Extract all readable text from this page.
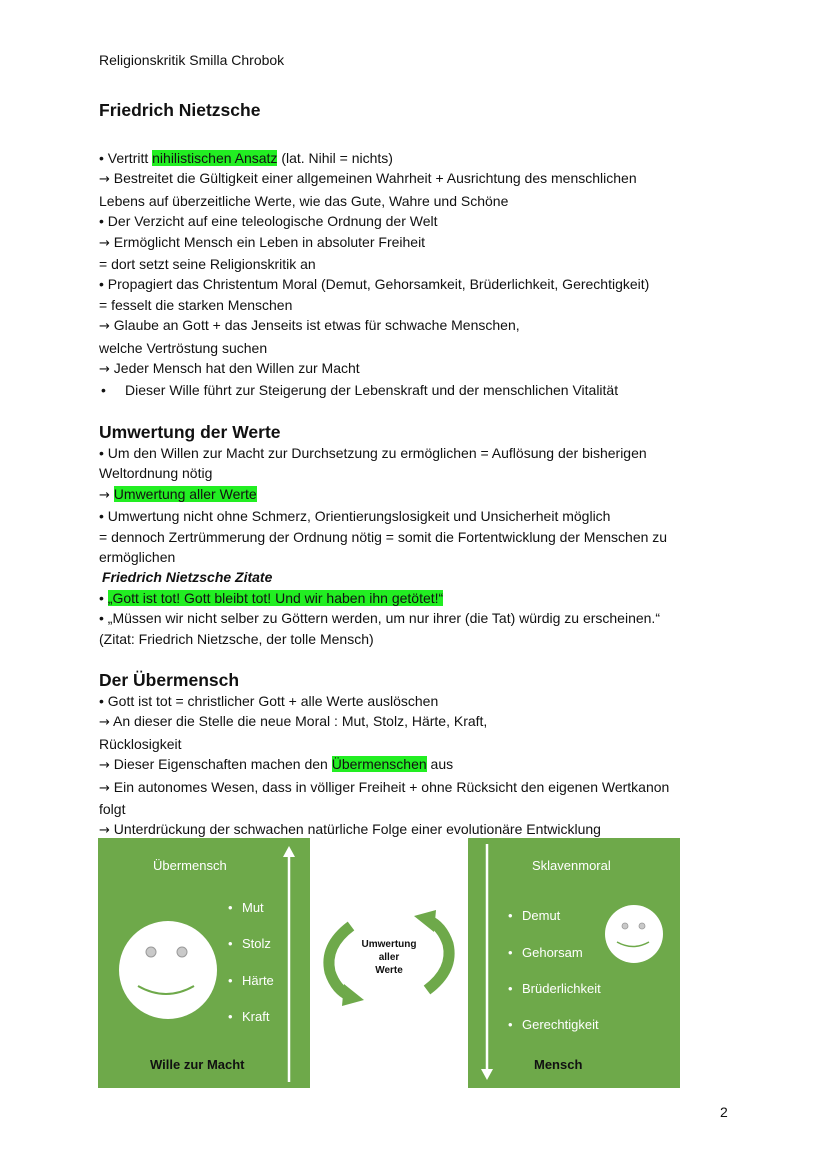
Religionskritik Smilla Chrobok
Friedrich Nietzsche
• Vertritt nihilistischen Ansatz (lat. Nihil = nichts)
→ Bestreitet die Gültigkeit einer allgemeinen Wahrheit + Ausrichtung des menschlichen
Lebens auf überzeitliche Werte, wie das Gute, Wahre und Schöne
• Der Verzicht auf eine teleologische Ordnung der Welt
→ Ermöglicht Mensch ein Leben in absoluter Freiheit
= dort setzt seine Religionskritik an
• Propagiert das Christentum Moral (Demut, Gehorsamkeit, Brüderlichkeit, Gerechtigkeit)
= fesselt die starken Menschen
→ Glaube an Gott + das Jenseits ist etwas für schwache Menschen,
welche Vertröstung suchen
→ Jeder Mensch hat den Willen zur Macht
• Dieser Wille führt zur Steigerung der Lebenskraft und der menschlichen Vitalität
Umwertung der Werte
• Um den Willen zur Macht zur Durchsetzung zu ermöglichen = Auflösung der bisherigen
Weltordnung nötig
→ Umwertung aller Werte
• Umwertung nicht ohne Schmerz, Orientierungslosigkeit und Unsicherheit möglich
= dennoch Zertrümmerung der Ordnung nötig = somit die Fortentwicklung der Menschen zu
ermöglichen
Friedrich Nietzsche Zitate
• „Gott ist tot! Gott bleibt tot! Und wir haben ihn getötet!“
• „Müssen wir nicht selber zu Göttern werden, um nur ihrer (die Tat) würdig zu erscheinen.“
(Zitat: Friedrich Nietzsche, der tolle Mensch)
Der Übermensch
• Gott ist tot = christlicher Gott + alle Werte auslöschen
→ An dieser die Stelle die neue Moral : Mut, Stolz, Härte, Kraft,
Rücklosigkeit
→ Dieser Eigenschaften machen den Übermenschen aus
→ Ein autonomes Wesen, dass in völliger Freiheit + ohne Rücksicht den eigenen Wertkanon
folgt
→ Unterdrückung der schwachen natürliche Folge einer evolutionäre Entwicklung
Übermensch
• Mut
• Stolz
• Härte
• Kraft
Wille zur Macht
Umwertung
aller
Werte
Sklavenmoral
• Demut
• Gehorsam
• Brüderlichkeit
• Gerechtigkeit
Mensch
2
